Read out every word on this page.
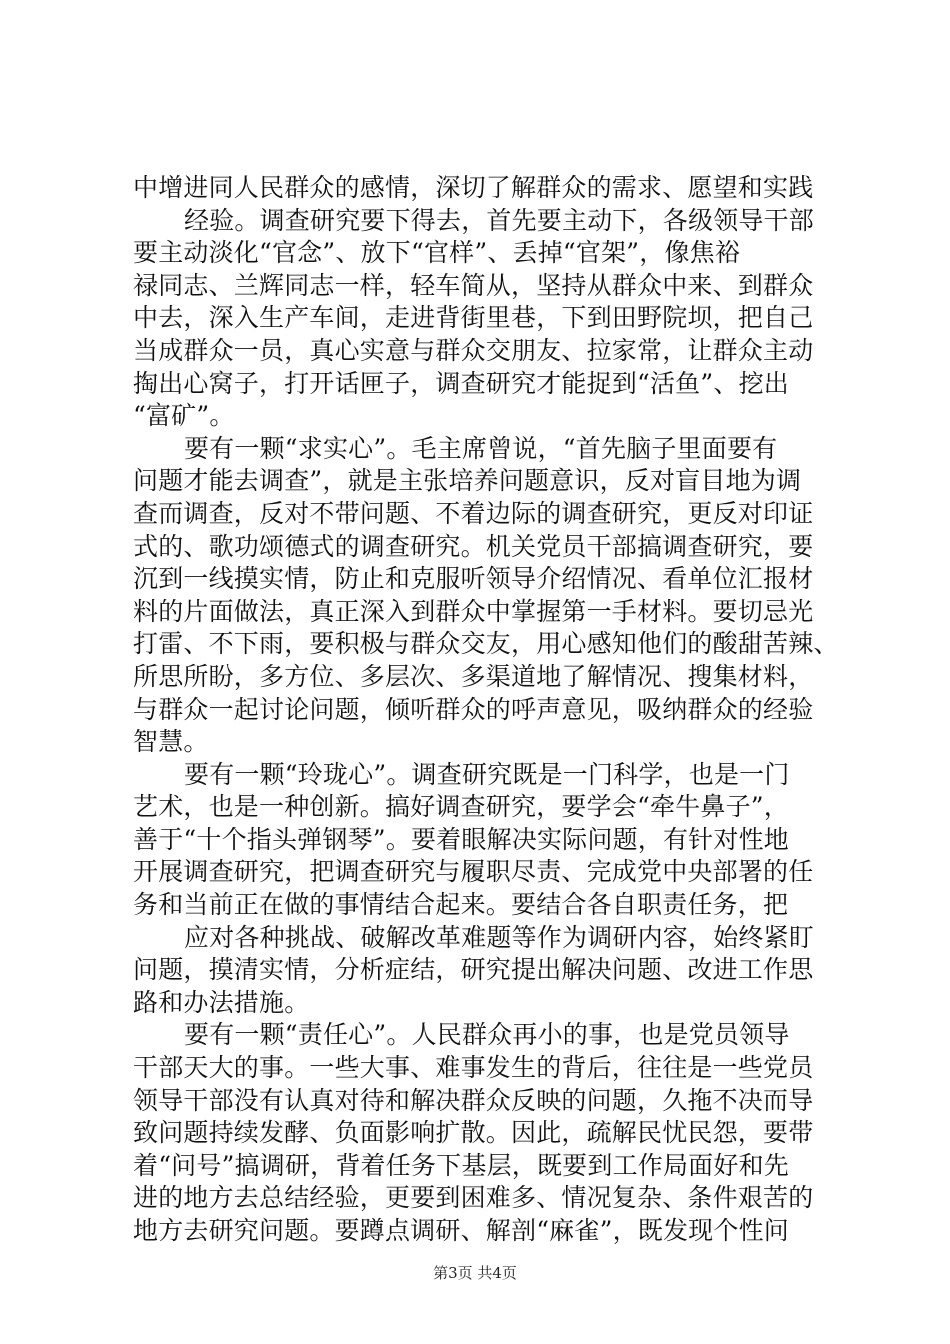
中增进同人民群众的感情，深切了解群众的需求、愿望和实践
经验。调查研究要下得去，首先要主动下，各级领导干部
要主动淡化“官念”、放下“官样”、丢掉“官架”，像焦裕
禄同志、兰辉同志一样，轻车简从，坚持从群众中来、到群众
中去，深入生产车间，走进背街里巷，下到田野院坝，把自己
当成群众一员，真心实意与群众交朋友、拉家常，让群众主动
掏出心窝子，打开话匣子，调查研究才能捉到“活鱼”、挖出
“富矿”。
要有一颗“求实心”。毛主席曾说，“首先脑子里面要有
问题才能去调查”，就是主张培养问题意识，反对盲目地为调
查而调查，反对不带问题、不着边际的调查研究，更反对印证
式的、歌功颂德式的调查研究。机关党员干部搞调查研究，要
沉到一线摸实情，防止和克服听领导介绍情况、看单位汇报材
料的片面做法，真正深入到群众中掌握第一手材料。要切忌光
打雷、不下雨，要积极与群众交友，用心感知他们的酸甜苦辣、
所思所盼，多方位、多层次、多渠道地了解情况、搜集材料，
与群众一起讨论问题，倾听群众的呼声意见，吸纳群众的经验
智慧。
要有一颗“玲珑心”。调查研究既是一门科学，也是一门
艺术，也是一种创新。搞好调查研究，要学会“牵牛鼻子”，
善于“十个指头弹钢琴”。要着眼解决实际问题，有针对性地
开展调查研究，把调查研究与履职尽责、完成党中央部署的任
务和当前正在做的事情结合起来。要结合各自职责任务，把
应对各种挑战、破解改革难题等作为调研内容，始终紧盯
问题，摸清实情，分析症结，研究提出解决问题、改进工作思
路和办法措施。
要有一颗“责任心”。人民群众再小的事，也是党员领导
干部天大的事。一些大事、难事发生的背后，往往是一些党员
领导干部没有认真对待和解决群众反映的问题，久拖不决而导
致问题持续发酵、负面影响扩散。因此，疏解民忧民怨，要带
着“问号”搞调研，背着任务下基层，既要到工作局面好和先
进的地方去总结经验，更要到困难多、情况复杂、条件艰苦的
地方去研究问题。要蹲点调研、解剖“麻雀”，既发现个性问
第3页 共4页
